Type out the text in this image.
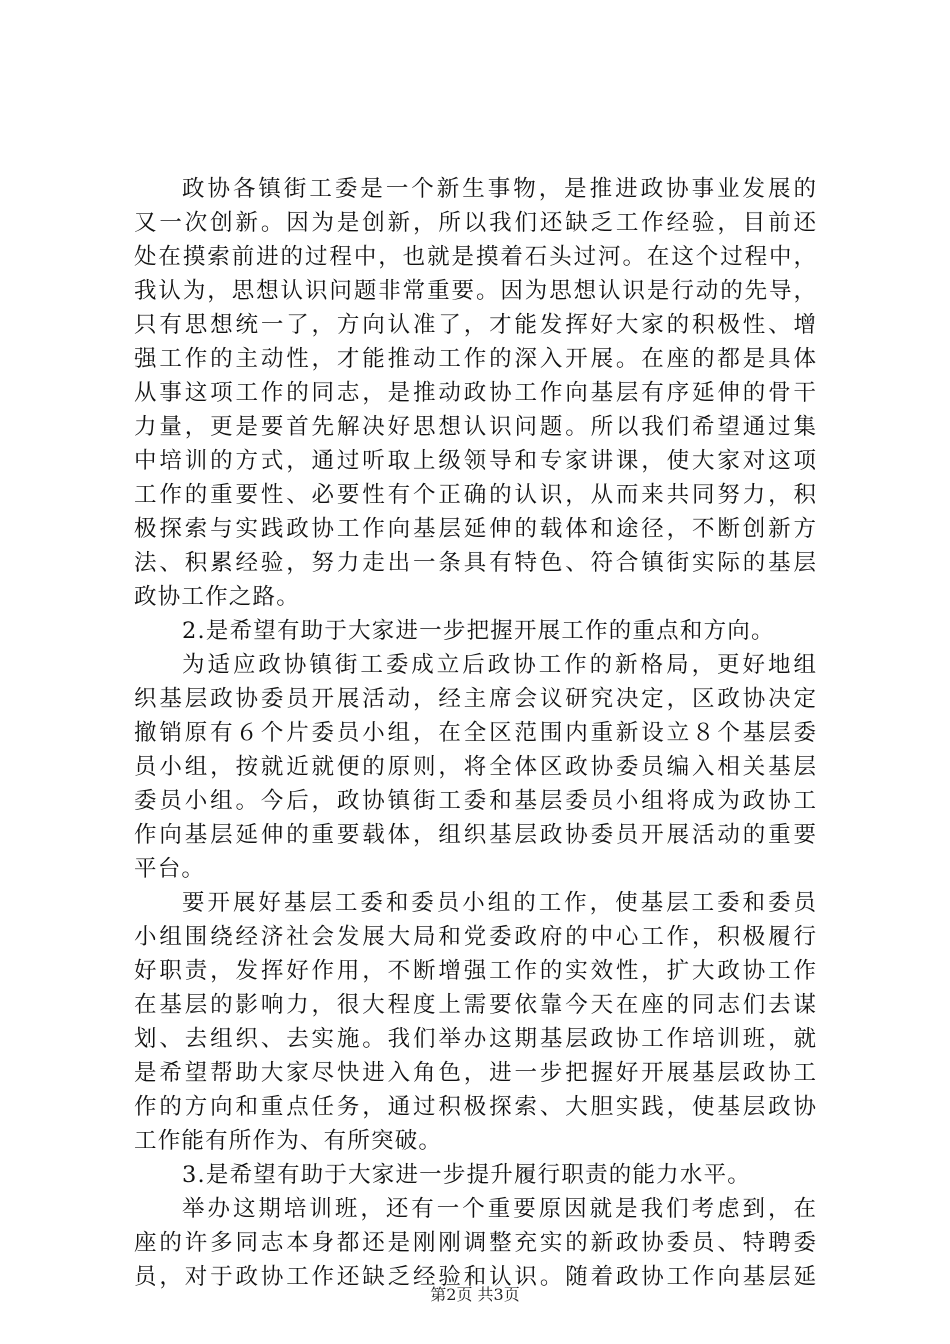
政协各镇街工委是一个新生事物，是推进政协事业发展的
又一次创新。因为是创新，所以我们还缺乏工作经验，目前还
处在摸索前进的过程中，也就是摸着石头过河。在这个过程中，
我认为，思想认识问题非常重要。因为思想认识是行动的先导，
只有思想统一了，方向认准了，才能发挥好大家的积极性、增
强工作的主动性，才能推动工作的深入开展。在座的都是具体
从事这项工作的同志，是推动政协工作向基层有序延伸的骨干
力量，更是要首先解决好思想认识问题。所以我们希望通过集
中培训的方式，通过听取上级领导和专家讲课，使大家对这项
工作的重要性、必要性有个正确的认识，从而来共同努力，积
极探索与实践政协工作向基层延伸的载体和途径，不断创新方
法、积累经验，努力走出一条具有特色、符合镇街实际的基层
政协工作之路。
2.是希望有助于大家进一步把握开展工作的重点和方向。
为适应政协镇街工委成立后政协工作的新格局，更好地组
织基层政协委员开展活动，经主席会议研究决定，区政协决定
撤销原有６个片委员小组，在全区范围内重新设立８个基层委
员小组，按就近就便的原则，将全体区政协委员编入相关基层
委员小组。今后，政协镇街工委和基层委员小组将成为政协工
作向基层延伸的重要载体，组织基层政协委员开展活动的重要
平台。
要开展好基层工委和委员小组的工作，使基层工委和委员
小组围绕经济社会发展大局和党委政府的中心工作，积极履行
好职责，发挥好作用，不断增强工作的实效性，扩大政协工作
在基层的影响力，很大程度上需要依靠今天在座的同志们去谋
划、去组织、去实施。我们举办这期基层政协工作培训班，就
是希望帮助大家尽快进入角色，进一步把握好开展基层政协工
作的方向和重点任务，通过积极探索、大胆实践，使基层政协
工作能有所作为、有所突破。
3.是希望有助于大家进一步提升履行职责的能力水平。
举办这期培训班，还有一个重要原因就是我们考虑到，在
座的许多同志本身都还是刚刚调整充实的新政协委员、特聘委
员，对于政协工作还缺乏经验和认识。随着政协工作向基层延
第2页 共3页
